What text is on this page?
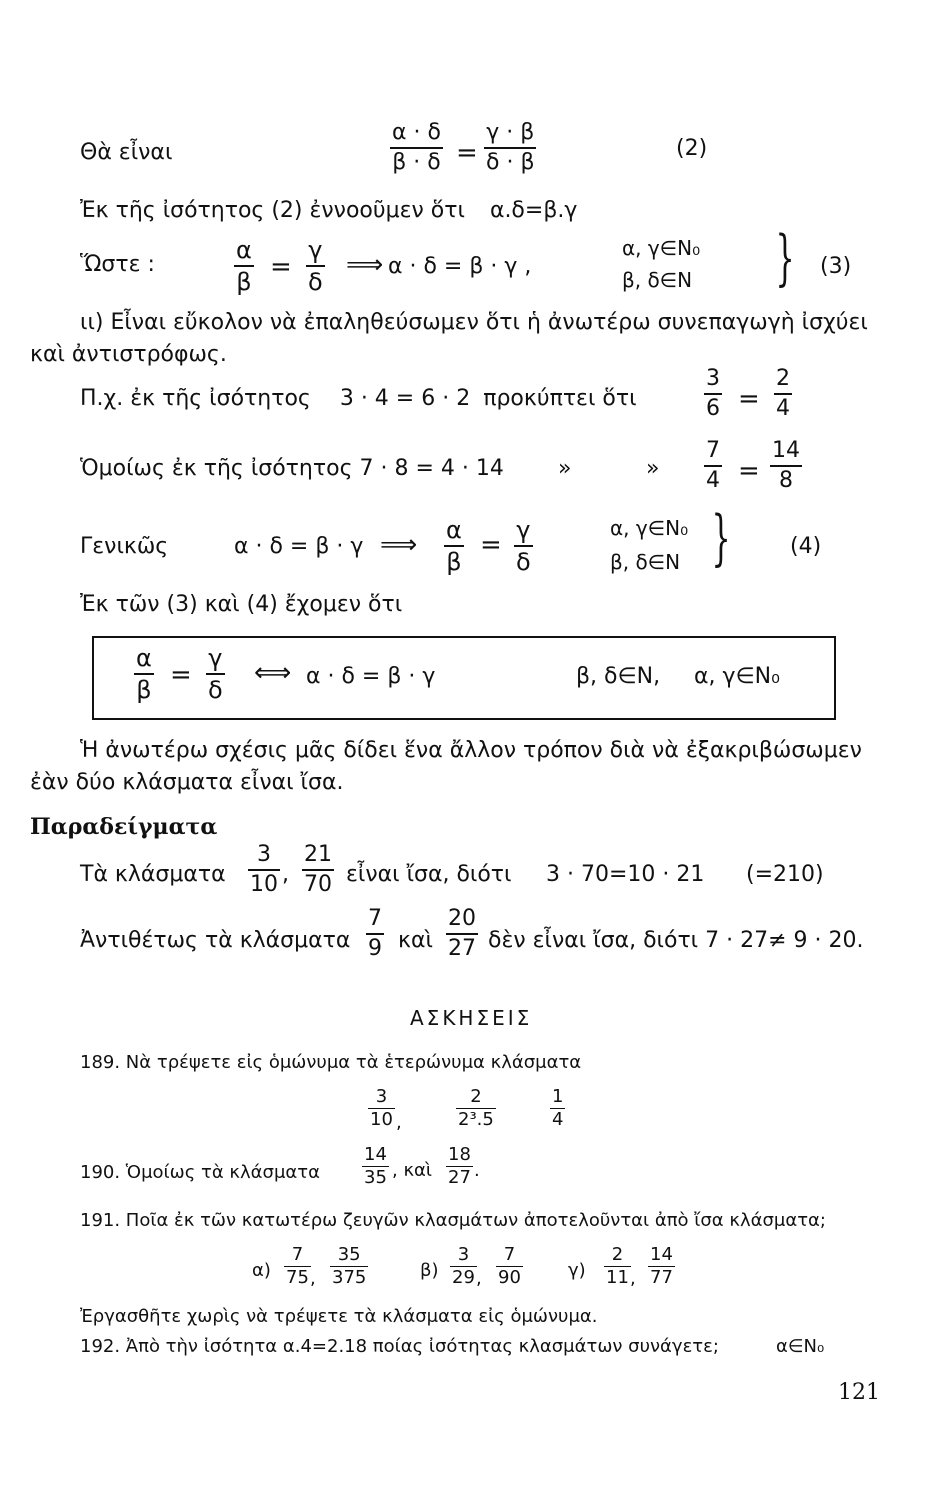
Θὰ εἶναι
α · δ
β · δ =
γ · β
δ · β
(2)
Ἐκ τῆς ἰσότητος (2) ἐννοοῦμεν ὅτι α.δ=β.γ
Ὥστε :
α
β =
γ
δ
⟹ α · δ = β · γ ,
α, γ∈N₀
β, δ∈N } (3)
ιι) Εἶναι εὔκολον νὰ ἐπαληθεύσωμεν ὅτι ἡ ἀνωτέρω συνεπαγωγὴ ἰσχύει
καὶ ἀντιστρόφως.
Π.χ. ἐκ τῆς ἰσότητος 3 · 4 = 6 · 2 προκύπτει ὅτι
3
6 =
2
4
Ὁμοίως ἐκ τῆς ἰσότητος 7 · 8 = 4 · 14 »	»
7
4 =
14
8
Γενικῶς	α · δ = β · γ ⟹ α
β
= γ
δ
α, γ∈N₀
β, δ∈N }	(4)
Ἐκ τῶν (3) καὶ (4) ἔχομεν ὅτι
α
β =
γ
δ
⟺ α · δ = β · γ	β, δ∈N, α, γ∈N₀
Ἡ ἀνωτέρω σχέσις μᾶς δίδει ἕνα ἄλλον τρόπον διὰ νὰ ἐξακριβώσωμεν
ἐὰν δύο κλάσματα εἶναι ἴσα.
Παραδείγματα
Τὰ κλάσματα
3
10 ,
21
70 εἶναι ἴσα, διότι 3 · 70=10 · 21 (=210)
Ἀντιθέτως τὰ κλάσματα
7
9 καὶ
20
27 δὲν εἶναι ἴσα, διότι 7 · 27≠ 9 · 20.
ΑΣΚΗΣΕΙΣ
189. Νὰ τρέψετε εἰς ὁμώνυμα τὰ ἑτερώνυμα κλάσματα
3
10 ,
2
2³.5
1
4
190. Ὁμοίως τὰ κλάσματα
14
35 , καὶ
18
27 .
191. Ποῖα ἐκ τῶν κατωτέρω ζευγῶν κλασμάτων ἀποτελοῦνται ἀπὸ ἴσα κλάσματα;
α)
7
75 ,
35
375	β)
3
29 ,
7
90	γ)
2
11 ,
14
77
Ἐργασθῆτε χωρὶς νὰ τρέψετε τὰ κλάσματα εἰς ὁμώνυμα.
192. Ἀπὸ τὴν ἰσότητα α.4=2.18 ποίας ἰσότητας κλασμάτων συνάγετε;	α∈N₀
121
